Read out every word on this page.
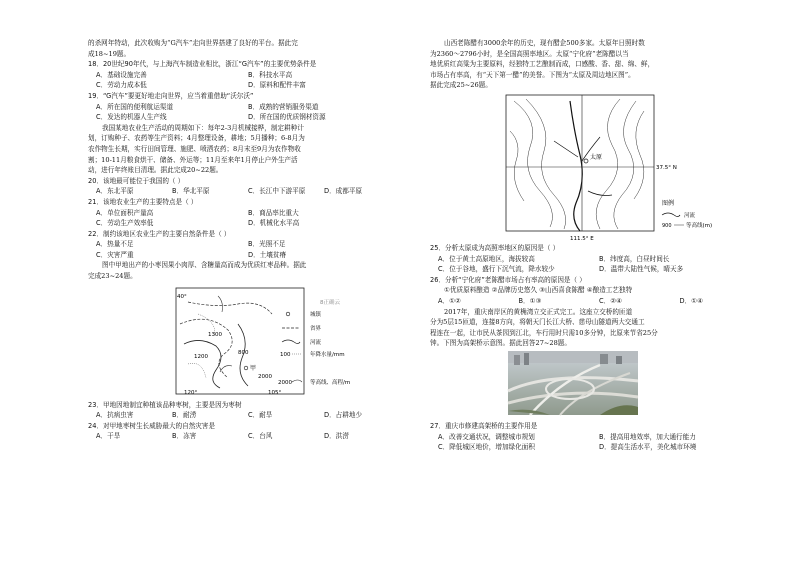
的杀网年特动，此次收购为“G汽车”走向世界搭建了良好的平台。据此完
成18~19题。
18．20世纪90年代，与上海汽车制造业相比，浙江“G汽车”的主要优势条件是
A．基础设施完善	B．科技水平高
C．劳动力成本低	D．原料和配件丰富
19．“G汽车”要更好地走向世界，应当着重借助“沃尔沃”
A．所在国的便利航运渠道	B．成熟的营销服务渠道
C．发达的机器人生产线	D．所在国的优质钢材资源
我国某地农业生产活动的周期如下：每年2-3月机械接桦，制定耕种计
划，订购种子、农药等生产资料；4月整理设备，耕地；5月播种；6-8月为
农作物生长期，实行田间管理、施肥、喷洒农药；8月末至9月为农作物收
割；10-11月粮食烘干、储备、外运等；11月至来年1月停止户外生产活
动，进行年终账目清理。据此完成20~22题。
20．该地最可能位于我国的（ ）
A．东北平原	B．华北平原	C．长江中下游平原	D．成都平原
21．该地农业生产的主要特点是（ ）
A．单位面积产量高	B．商品率比重大
C．劳动生产效率低	D．机械化水平高
22．制约该地区农业生产的主要自然条件是（ ）
A．热量不足	B．光照不足
C．灾害严重	D．土壤贫瘠
图中甲地出产的小枣因果小肉厚、含糖量高而成为优质红枣品种。据此
完成23~24题。
40°
120°	105°
1300
1200
800
2000
甲
8正确云
城镇
省界
河流
100	年降水量/mm
2000	等高线、高程/m
23．甲地因地制宜种植该品种枣树，主要是因为枣树
A．抗病虫害	B．耐涝	C．耐旱	D．占耕地少
24．对甲地枣树生长威胁最大的自然灾害是
A．干旱	B．冻害	C．台风	D．洪涝
山西老陈醋有3000余年的历史，现有醋企500多家。太原年日照时数
为2360～2796小时，是全国高照率地区。太原“宁化府”老陈醋以当
地优质红高粱为主要原料，经独特工艺酿制而成，口感酸、香、甜、绵、鲜，
市场占有率高，有“天下第一醋”的美誉。下图为“太原及周边地区图”。
据此完成25~26题。
太原
37.5° N
111.5° E
图例
河流
900	等高线(m)
25．分析太原成为高照率地区的原因是（ ）
A．位于黄土高原地区，海拔较高	B．纬度高，白昼时间长
C．位于谷地，盛行下沉气流，降水较少	D．温带大陆性气候，晴天多
26．分析“宁化府”老陈醋市场占有率高的原因是（ ）
①优质原料酿造 ②品牌历史悠久 ③山西喜食陈醋 ④酿造工艺独特
A．①②	B．①③	C．②④	D．①④
2017年，重庆南岸区的黄桷湾立交正式完工。这座立交桥的匝道
分为5层15匝道，连接8方向，将朝天门长江大桥、慈母山隧道两大交通工
程连在一起，让市民从茶园到江北，车行用时只需10多分钟，比原来节省25分
钟。下图为高架桥示意图。据此回答27~28题。
27．重庆市修建高架桥的主要作用是
A．改善交通状况，调整城市规划	B．提高用地效率，加大通行能力
C．降低城区地价，增加绿化面积	D．提高生活水平，美化城市环境
